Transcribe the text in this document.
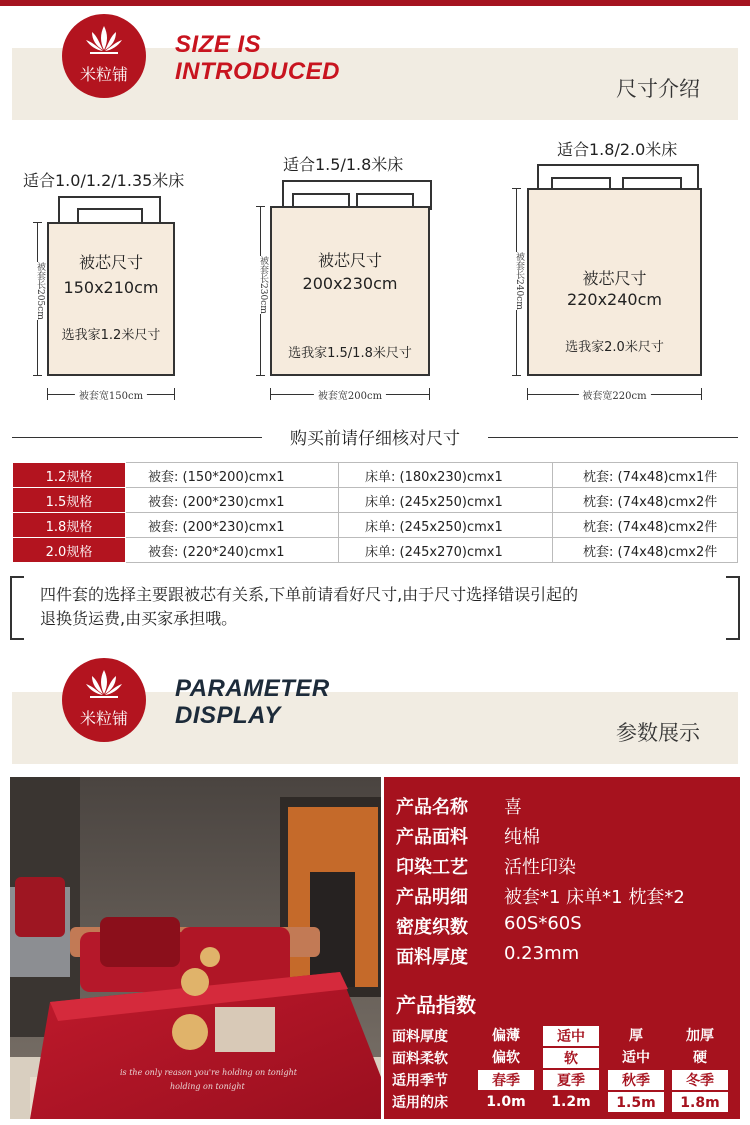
米粒铺
SIZE IS
INTRODUCED
尺寸介绍
适合1.0/1.2/1.35米床
被芯尺寸
150x210cm
选我家1.2米尺寸
被套长205cm
被套宽150cm
适合1.5/1.8米床
被芯尺寸
200x230cm
选我家1.5/1.8米尺寸
被套长230cm
被套宽200cm
适合1.8/2.0米床
被芯尺寸
220x240cm
选我家2.0米尺寸
被套长240cm
被套宽220cm
购买前请仔细核对尺寸
1.2规格	被套: (150*200)cmx1	床单: (180x230)cmx1	枕套: (74x48)cmx1件
1.5规格	被套: (200*230)cmx1	床单: (245x250)cmx1	枕套: (74x48)cmx2件
1.8规格	被套: (200*230)cmx1	床单: (245x250)cmx1	枕套: (74x48)cmx2件
2.0规格	被套: (220*240)cmx1	床单: (245x270)cmx1	枕套: (74x48)cmx2件

四件套的选择主要跟被芯有关系,下单前请看好尺寸,由于尺寸选择错误引起的
退换货运费,由买家承担哦。

米粒铺
PARAMETER
DISPLAY
参数展示
is the only reason you're holding on tonight
holding on tonight
产品名称	喜
产品面料	纯棉
印染工艺	活性印染
产品明细	被套*1 床单*1 枕套*2
密度织数	60S*60S
面料厚度	0.23mm
产品指数
面料厚度	偏薄	适中	厚	加厚
面料柔软	偏软	软	适中	硬
适用季节	春季	夏季	秋季	冬季
适用的床	1.0m	1.2m	1.5m	1.8m
